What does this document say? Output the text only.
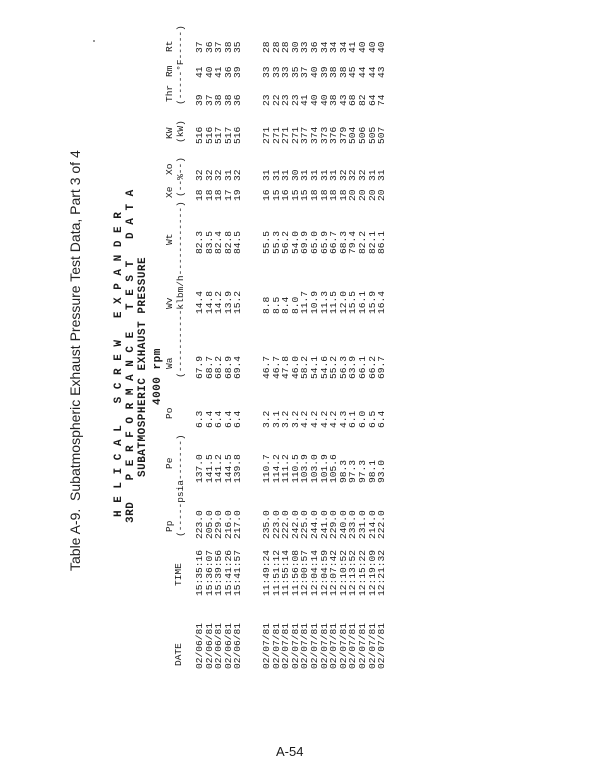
Table A-9.  Subatmospheric Exhaust Pressure Test Data, Part 3 of 4	H E L I C A L   S C R E W   E X P A N D E R 3RD   P E R F O R M A N C E   T E S T   D A T A SUBATMOSPHERIC EXHAUST PRESSURE 4000 rpm
DATE
TIME
Pp
Pe
Po
(-----psia-------)
Wa
Wv
Wt (-----------klbm/h------------)
Xe
Xo (--%--)
KW (kW)
Thr
Rm
Rt (-----°F-----)
02/06/81
15:35:16
223.0
137.0
6.3
67.9
14.4
82.3
18
32
516
39
41
37
02/06/81
15:36:07
205.0
141.5
6.4
68.7
14.8
83.5
18
32
516
37
40
36
02/06/81
15:39:56
229.0
141.2
6.4
68.2
14.2
82.4
18
32
517
38
41
37
02/06/81
15:41:26
216.0
144.5
6.4
68.9
13.9
82.8
17
31
517
38
36
38
02/06/81
15:41:57
217.0
139.8
6.4
69.4
15.2
84.5
19
32
516
36
39
35
02/07/81
11:49:24
235.0
110.7
3.2
46.7
8.8
55.5
16
31
271
23
33
28
02/07/81
11:51:12
223.0
114.2
3.1
46.7
8.5
55.3
15
31
271
22
33
28
02/07/81
11:55:14
222.0
111.2
3.2
47.8
8.4
56.2
16
31
271
23
33
28
02/07/81
11:56:08
242.0
110.5
3.2
46.0
8.0
54.0
15
30
271
23
35
30
02/07/81
12:00:57
225.0
103.9
4.2
58.2
11.7
69.9
15
31
377
41
37
33
02/07/81
12:04:14
244.0
103.0
4.2
54.1
10.9
65.0
18
31
374
40
40
36
02/07/81
12:04:59
241.0
101.9
4.2
54.6
11.3
65.9
18
31
373
40
39
34
02/07/81
12:07:42
229.0
105.6
4.2
55.2
11.5
66.7
18
31
376
38
38
34
02/07/81
12:10:52
240.0
98.3
4.3
56.3
12.0
68.3
18
32
379
43
38
34
02/07/81
12:13:52
233.0
97.3
6.1
63.9
15.5
79.4
20
32
504
68
45
41
02/07/81
12:15:22
231.0
97.3
6.0
66.1
16.1
82.2
20
32
506
82
44
40
02/07/81
12:19:09
214.0
98.1
6.5
66.2
15.9
82.1
20
31
505
64
44
40
02/07/81
12:21:32
222.0
93.0
6.4
69.7
16.4
86.1
20
31
507
74
43
40
A-54
